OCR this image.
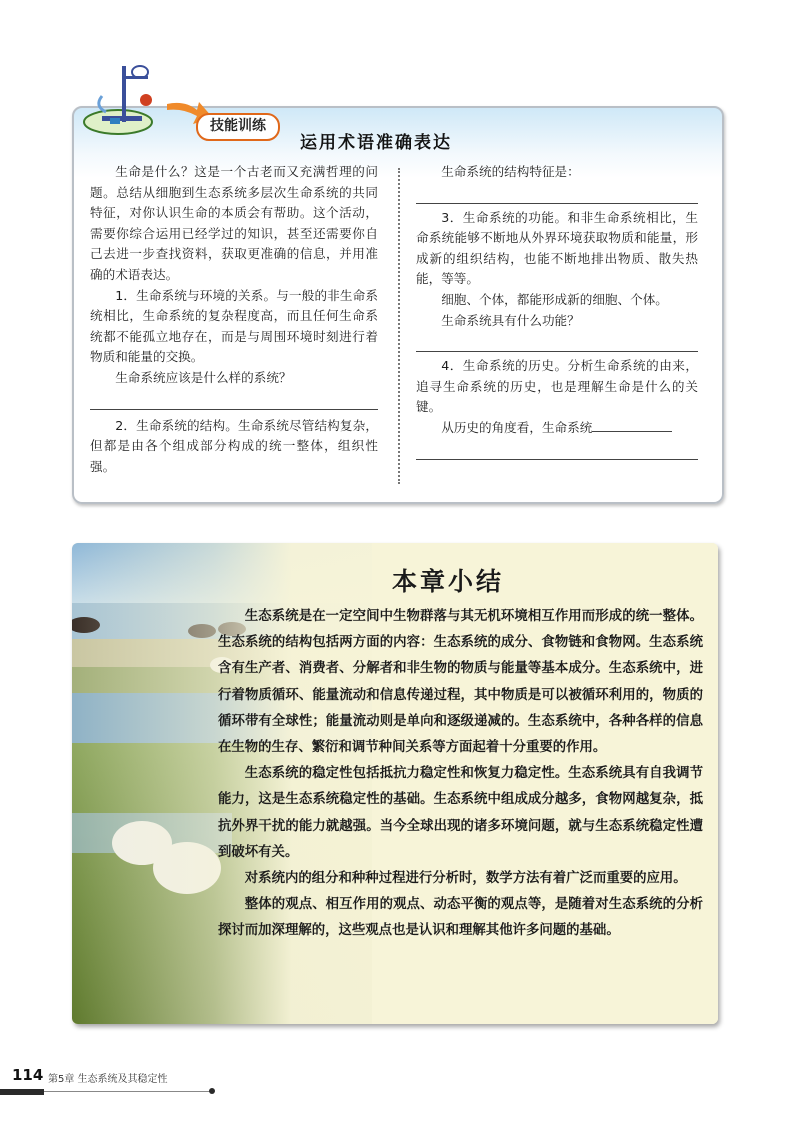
技能训练
运用术语准确表达

生命是什么？这是一个古老而又充满哲理的问题。总结从细胞到生态系统多层次生命系统的共同特征，对你认识生命的本质会有帮助。这个活动，需要你综合运用已经学过的知识，甚至还需要你自己去进一步查找资料，获取更准确的信息，并用准确的术语表达。

1．生命系统与环境的关系。与一般的非生命系统相比，生命系统的复杂程度高，而且任何生命系统都不能孤立地存在，而是与周围环境时刻进行着物质和能量的交换。

生命系统应该是什么样的系统？

2．生命系统的结构。生命系统尽管结构复杂，但都是由各个组成部分构成的统一整体，组织性强。

生命系统的结构特征是：

3．生命系统的功能。和非生命系统相比，生命系统能够不断地从外界环境获取物质和能量，形成新的组织结构，也能不断地排出物质、散失热能，等等。

细胞、个体，都能形成新的细胞、个体。

生命系统具有什么功能？

4．生命系统的历史。分析生命系统的由来，追寻生命系统的历史，也是理解生命是什么的关键。

从历史的角度看，生命系统

本章小结

生态系统是在一定空间中生物群落与其无机环境相互作用而形成的统一整体。生态系统的结构包括两方面的内容：生态系统的成分、食物链和食物网。生态系统含有生产者、消费者、分解者和非生物的物质与能量等基本成分。生态系统中，进行着物质循环、能量流动和信息传递过程，其中物质是可以被循环利用的，物质的循环带有全球性；能量流动则是单向和逐级递减的。生态系统中，各种各样的信息在生物的生存、繁衍和调节种间关系等方面起着十分重要的作用。

生态系统的稳定性包括抵抗力稳定性和恢复力稳定性。生态系统具有自我调节能力，这是生态系统稳定性的基础。生态系统中组成成分越多，食物网越复杂，抵抗外界干扰的能力就越强。当今全球出现的诸多环境问题，就与生态系统稳定性遭到破坏有关。

对系统内的组分和种种过程进行分析时，数学方法有着广泛而重要的应用。

整体的观点、相互作用的观点、动态平衡的观点等，是随着对生态系统的分析探讨而加深理解的，这些观点也是认识和理解其他许多问题的基础。

114 第5章 生态系统及其稳定性
